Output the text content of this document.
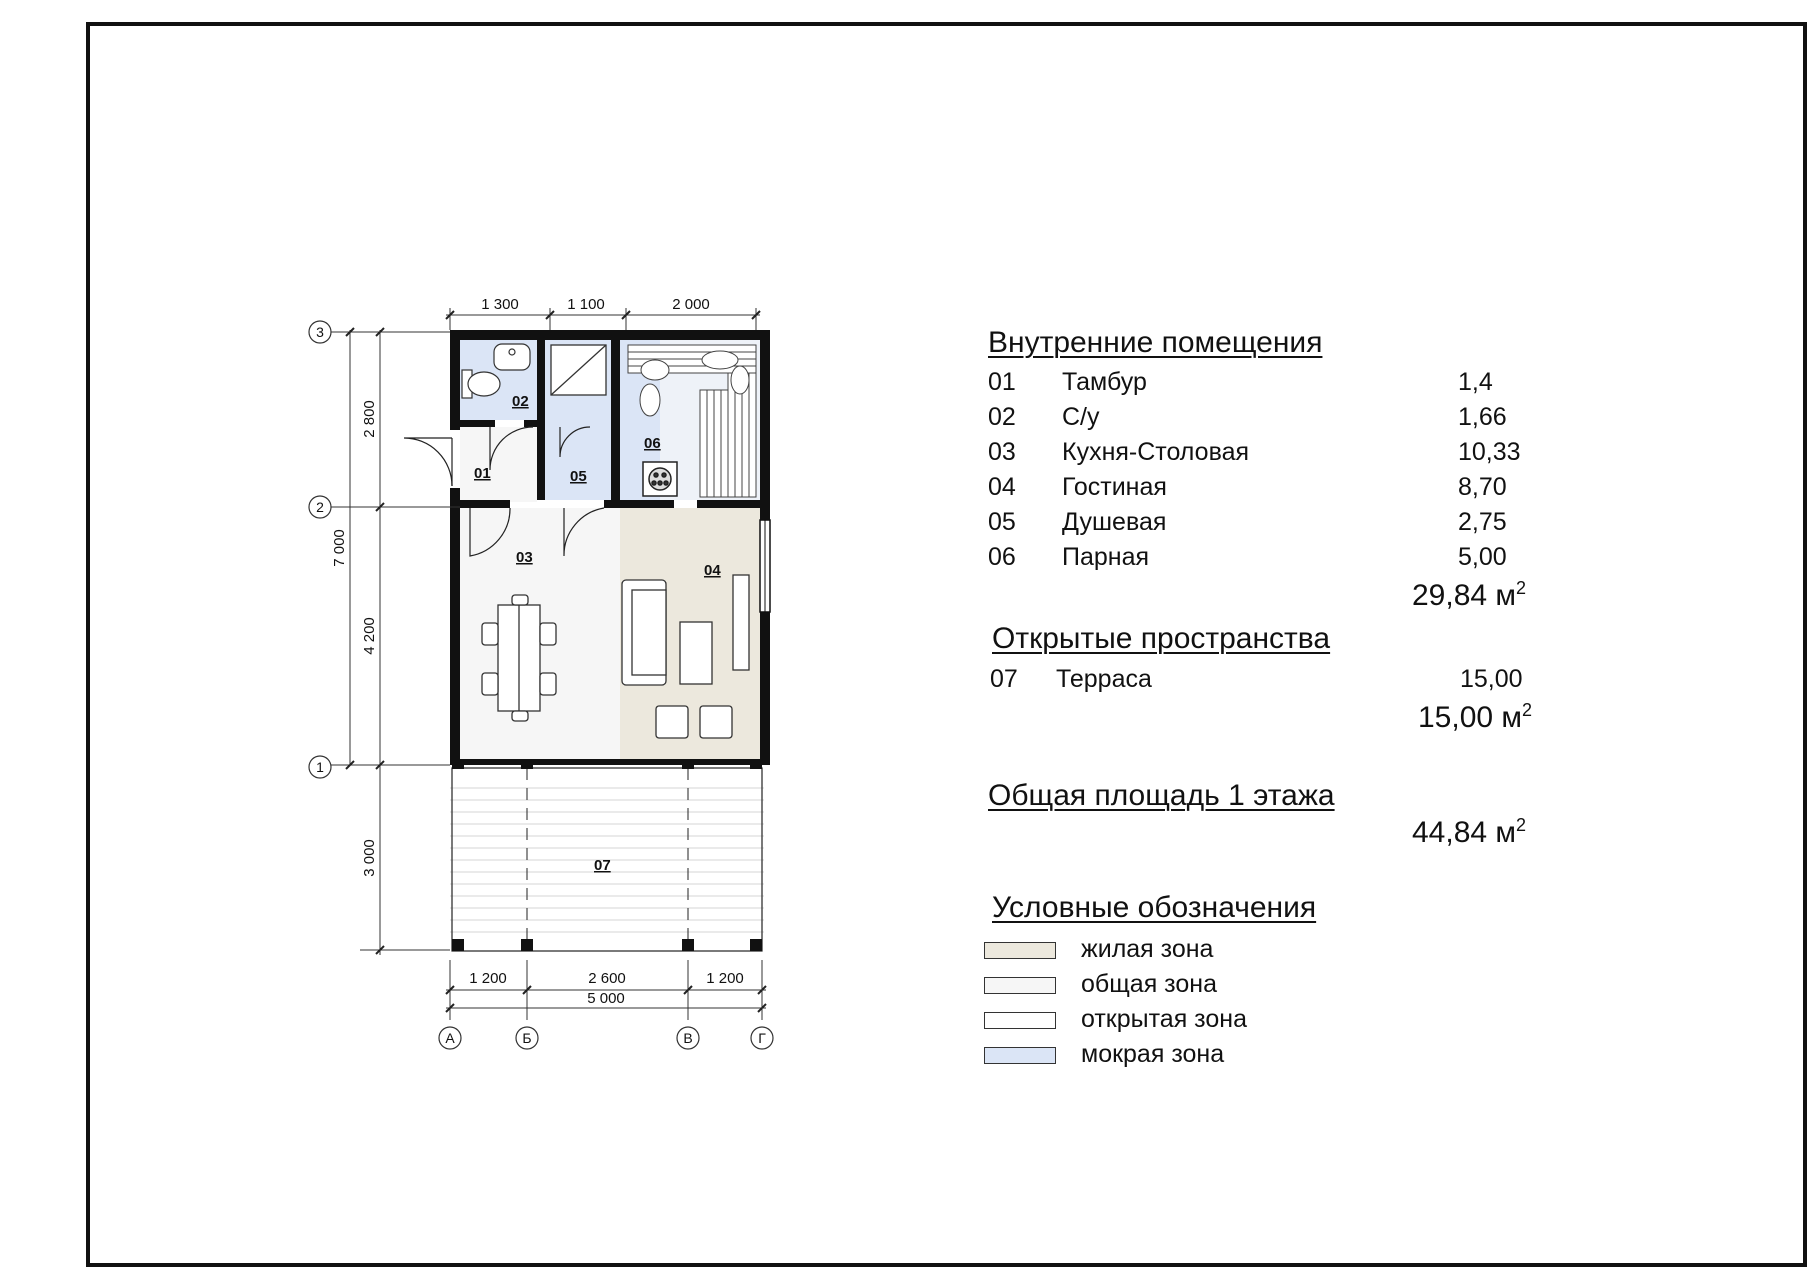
01
02
03
04
05
06
07
3
2
1
А	Б	В	Г
1 300	1 100	2 000
7 000
2 800
4 200
3 000
1 200	2 600	1 200
5 000
Внутренние помещения
01 Тамбур	1,4
02 С/у	1,66
03 Кухня-Столовая	10,33
04 Гостиная	8,70
05 Душевая	2,75
06 Парная	5,00
29,84 $м^2$
Открытые пространства
07 Терраса	15,00
15,00 $м^2$
Общая площадь 1 этажа
44,84 $м^2$
Условные обозначения
жилая зона
общая зона
открытая зона
мокрая зона
